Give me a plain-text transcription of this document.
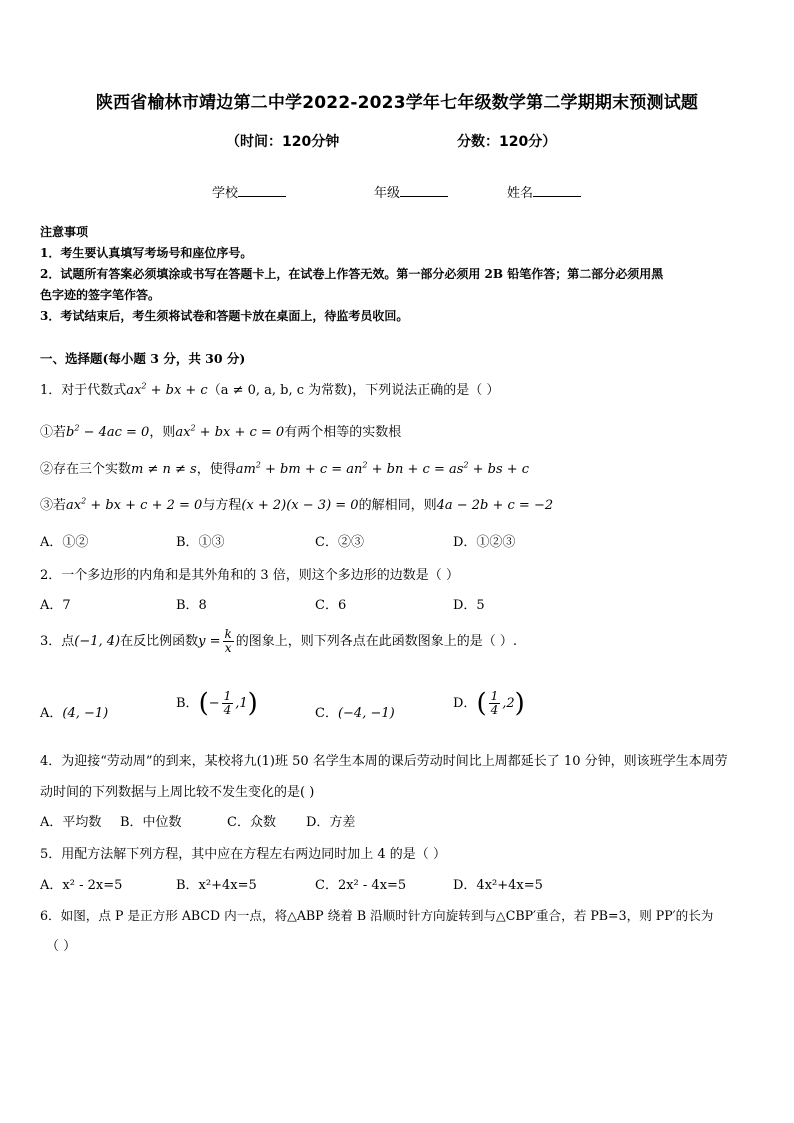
陕西省榆林市靖边第二中学2022-2023学年七年级数学第二学期期末预测试题
（时间：120分钟	分数：120分）
学校	年级	姓名
注意事项
1．考生要认真填写考场号和座位序号。
2．试题所有答案必须填涂或书写在答题卡上，在试卷上作答无效。第一部分必须用 2B 铅笔作答；第二部分必须用黑
色字迹的签字笔作答。
3．考试结束后，考生须将试卷和答题卡放在桌面上，待监考员收回。
一、选择题(每小题 3 分，共 30 分)
1．对于代数式$ax^2$ + bx + c（a ≠ 0, a, b, c 为常数)，下列说法正确的是（ ）
①若$b^2 - 4ac = 0$，则$ax^2$ + bx + c = 0有两个相等的实数根
②存在三个实数m ≠ n ≠ s，使得$am^2$ + bm + $c = an^2$ + bn + $c = as^2$ + bs + c
③若$ax^2$ + bx + c + 2 = 0与方程(x + 2)(x − 3) = 0的解相同，则4a − 2b + c = −2
A．①②	B．①③	C．②③	D．①②③
2．一个多边形的内角和是其外角和的 3 倍，则这个多边形的边数是（ ）
A．7	B．8	C．6	D．5
3．点(−1, 4)在反比例函数$y = \frac{k}{x}$ 的图象上，则下列各点在此函数图象上的是（ ）.
A．(4, −1)
B．(− $\frac{1}{4} ,1$)	C．(−4, −1)
D．( $\frac{1}{4} ,2$)
4．为迎接“劳动周”的到来，某校将九(1)班 50 名学生本周的课后劳动时间比上周都延长了 10 分钟，则该班学生本周劳
动时间的下列数据与上周比较不发生变化的是( )
A．平均数 B．中位数	C．众数 D．方差
5．用配方法解下列方程，其中应在方程左右两边同时加上 4 的是（ ）
A．x² - 2x=5	B．x²+4x=5	C．2x² - 4x=5	D．4x²+4x=5
6．如图，点 P 是正方形 ABCD 内一点，将△ABP 绕着 B 沿顺时针方向旋转到与△CBP′重合，若 PB=3，则 PP′的长为
（ ）
